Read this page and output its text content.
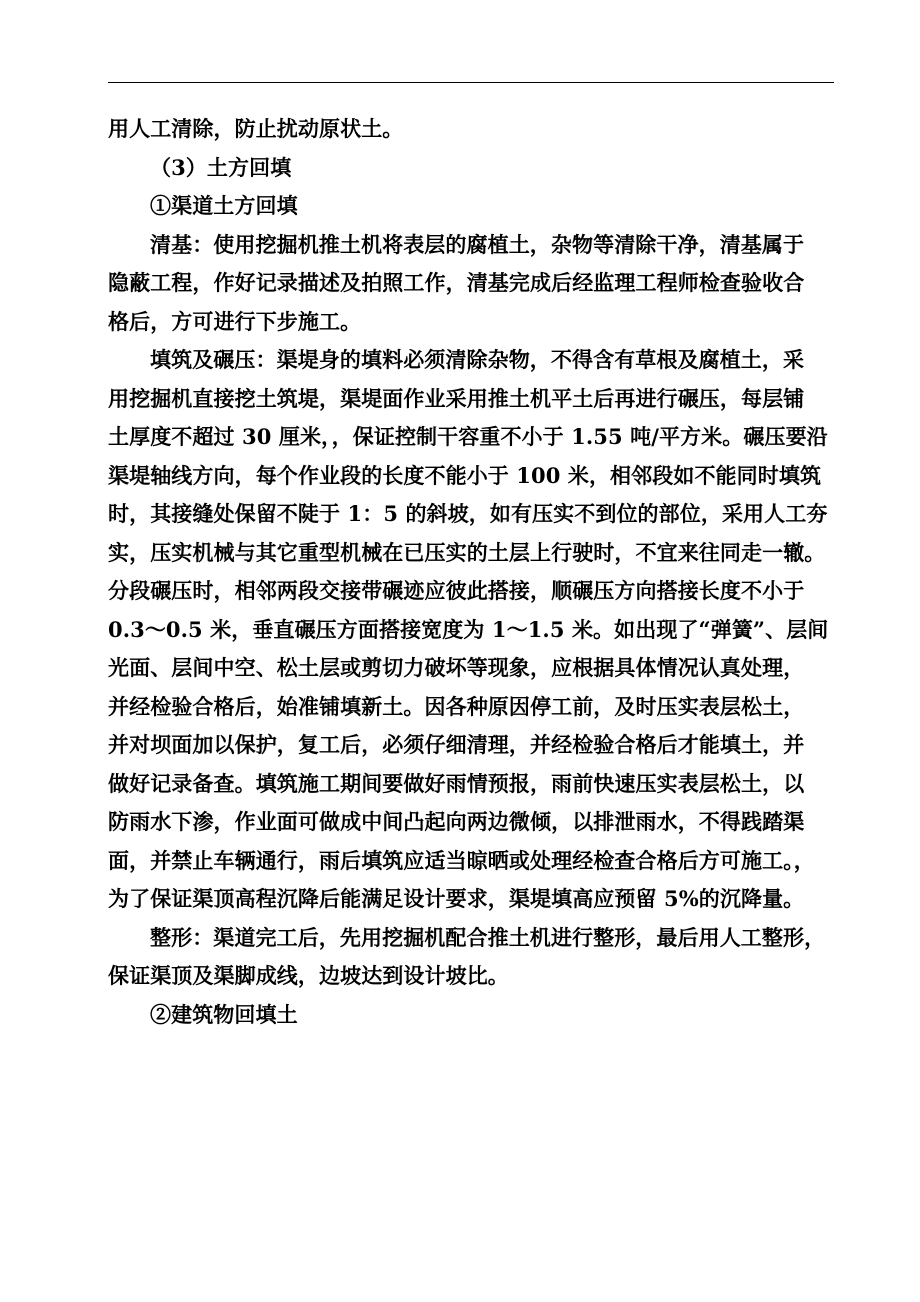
用人工清除，防止扰动原状土。

（3）土方回填

①渠道土方回填

清基：使用挖掘机推土机将表层的腐植土，杂物等清除干净，清基属于
隐蔽工程，作好记录描述及拍照工作，清基完成后经监理工程师检查验收合
格后，方可进行下步施工。

填筑及碾压：渠堤身的填料必须清除杂物，不得含有草根及腐植土，采
用挖掘机直接挖土筑堤，渠堤面作业采用推土机平土后再进行碾压，每层铺
土厚度不超过 30 厘米，，保证控制干容重不小于 1.55 吨/平方米。碾压要沿
渠堤轴线方向，每个作业段的长度不能小于 100 米，相邻段如不能同时填筑
时，其接缝处保留不陡于 1：5 的斜坡，如有压实不到位的部位，采用人工夯
实，压实机械与其它重型机械在已压实的土层上行驶时，不宜来往同走一辙。
分段碾压时，相邻两段交接带碾迹应彼此搭接，顺碾压方向搭接长度不小于
0.3～0.5 米，垂直碾压方面搭接宽度为 1～1.5 米。如出现了“弹簧”、层间
光面、层间中空、松土层或剪切力破坏等现象，应根据具体情况认真处理，
并经检验合格后，始准铺填新土。因各种原因停工前，及时压实表层松土，
并对坝面加以保护，复工后，必须仔细清理，并经检验合格后才能填土，并
做好记录备查。填筑施工期间要做好雨情预报，雨前快速压实表层松土，以
防雨水下渗，作业面可做成中间凸起向两边微倾，以排泄雨水，不得践踏渠
面，并禁止车辆通行，雨后填筑应适当晾晒或处理经检查合格后方可施工。，
为了保证渠顶高程沉降后能满足设计要求，渠堤填高应预留 5%的沉降量。

整形：渠道完工后，先用挖掘机配合推土机进行整形，最后用人工整形，
保证渠顶及渠脚成线，边坡达到设计坡比。

②建筑物回填土
